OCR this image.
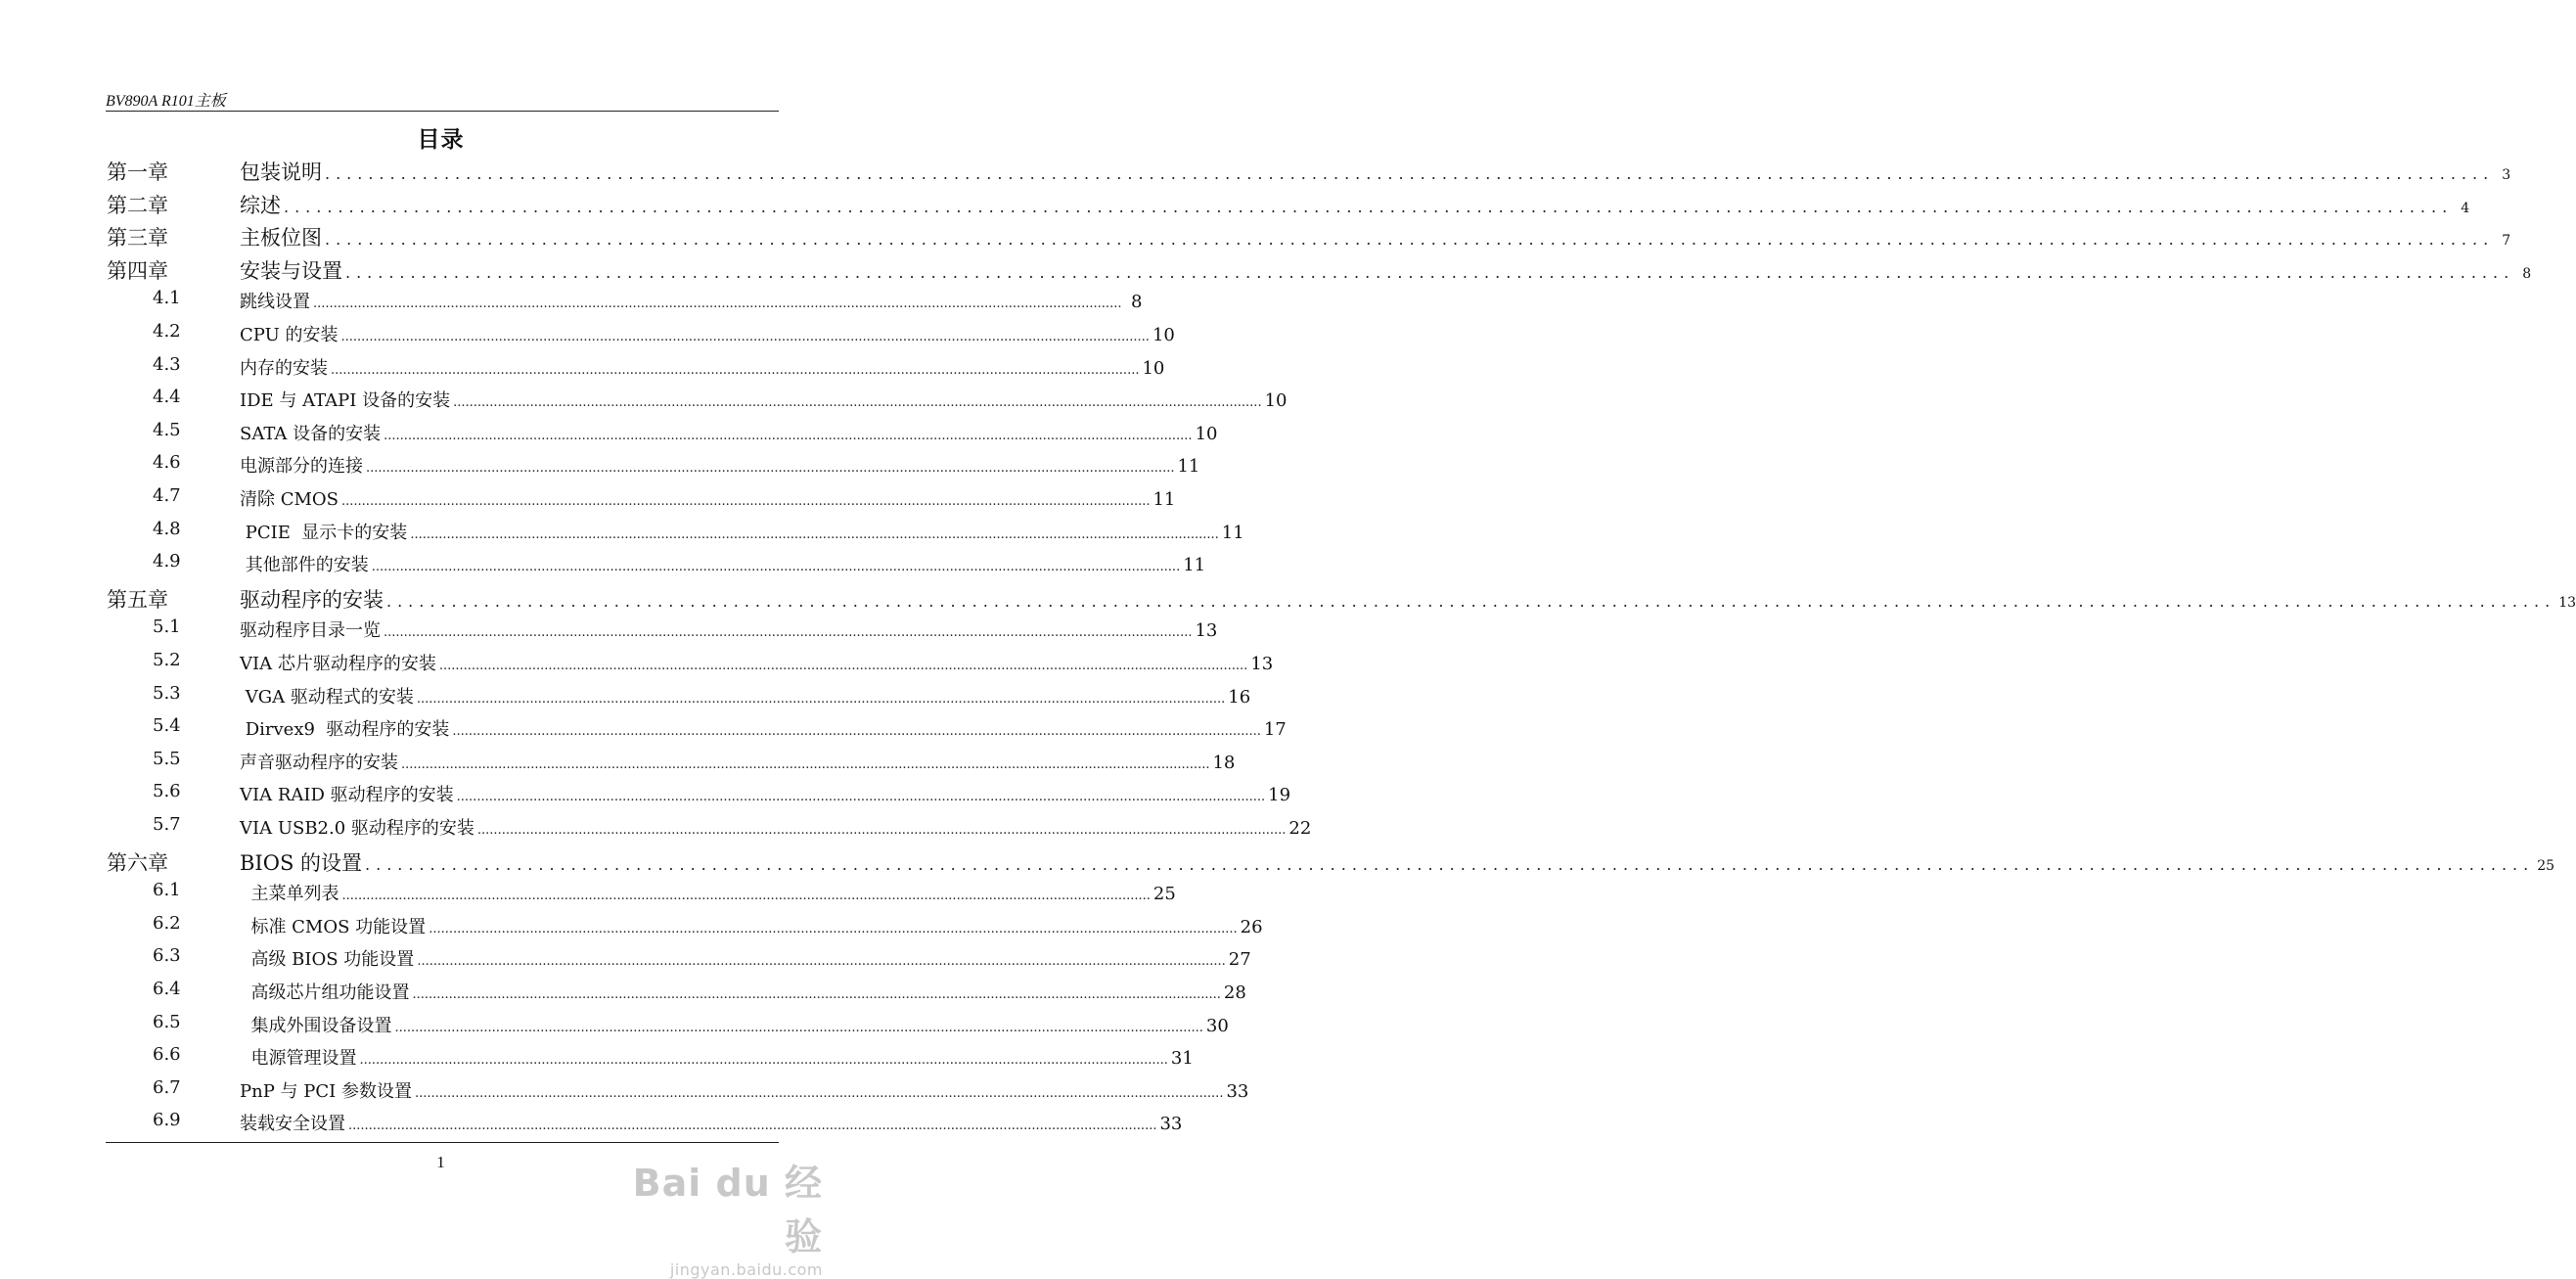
BV890A R101主板
目录
第一章	包装说明 ........................................................................................................................................................................................................ 3
第二章	综述 ........................................................................................................................................................................................................ 4
第三章	主板位图 ........................................................................................................................................................................................................ 7
第四章	安装与设置 ........................................................................................................................................................................................................ 8
4.1	跳线设置 ........................................................................................................................................................................................................ 8
4.2	CPU 的安装 ........................................................................................................................................................................................................ 10
4.3	内存的安装 ........................................................................................................................................................................................................ 10
4.4	IDE 与 ATAPI 设备的安装 ........................................................................................................................................................................................................ 10
4.5	SATA 设备的安装 ........................................................................................................................................................................................................ 10
4.6	电源部分的连接 ........................................................................................................................................................................................................ 11
4.7	清除 CMOS ........................................................................................................................................................................................................ 11
4.8	PCIE  显示卡的安装 ........................................................................................................................................................................................................ 11
4.9	其他部件的安装 ........................................................................................................................................................................................................ 11
第五章	驱动程序的安装 ........................................................................................................................................................................................................ 13
5.1	驱动程序目录一览 ........................................................................................................................................................................................................ 13
5.2	VIA 芯片驱动程序的安装 ........................................................................................................................................................................................................ 13
5.3	VGA 驱动程式的安装 ........................................................................................................................................................................................................ 16
5.4	Dirvex9  驱动程序的安装 ........................................................................................................................................................................................................ 17
5.5	声音驱动程序的安装 ........................................................................................................................................................................................................ 18
5.6	VIA RAID 驱动程序的安装 ........................................................................................................................................................................................................ 19
5.7	VIA USB2.0 驱动程序的安装 ........................................................................................................................................................................................................ 22
第六章	BIOS 的设置 ........................................................................................................................................................................................................ 25
6.1	主菜单列表 ........................................................................................................................................................................................................ 25
6.2	标准 CMOS 功能设置 ........................................................................................................................................................................................................ 26
6.3	高级 BIOS 功能设置 ........................................................................................................................................................................................................ 27
6.4	高级芯片组功能设置 ........................................................................................................................................................................................................ 28
6.5	集成外围设备设置 ........................................................................................................................................................................................................ 30
6.6	电源管理设置 ........................................................................................................................................................................................................ 31
6.7	PnP 与 PCI 参数设置 ........................................................................................................................................................................................................ 33
6.9	装载安全设置 ........................................................................................................................................................................................................ 33
1	Bai du 经验
jingyan.baidu.com
